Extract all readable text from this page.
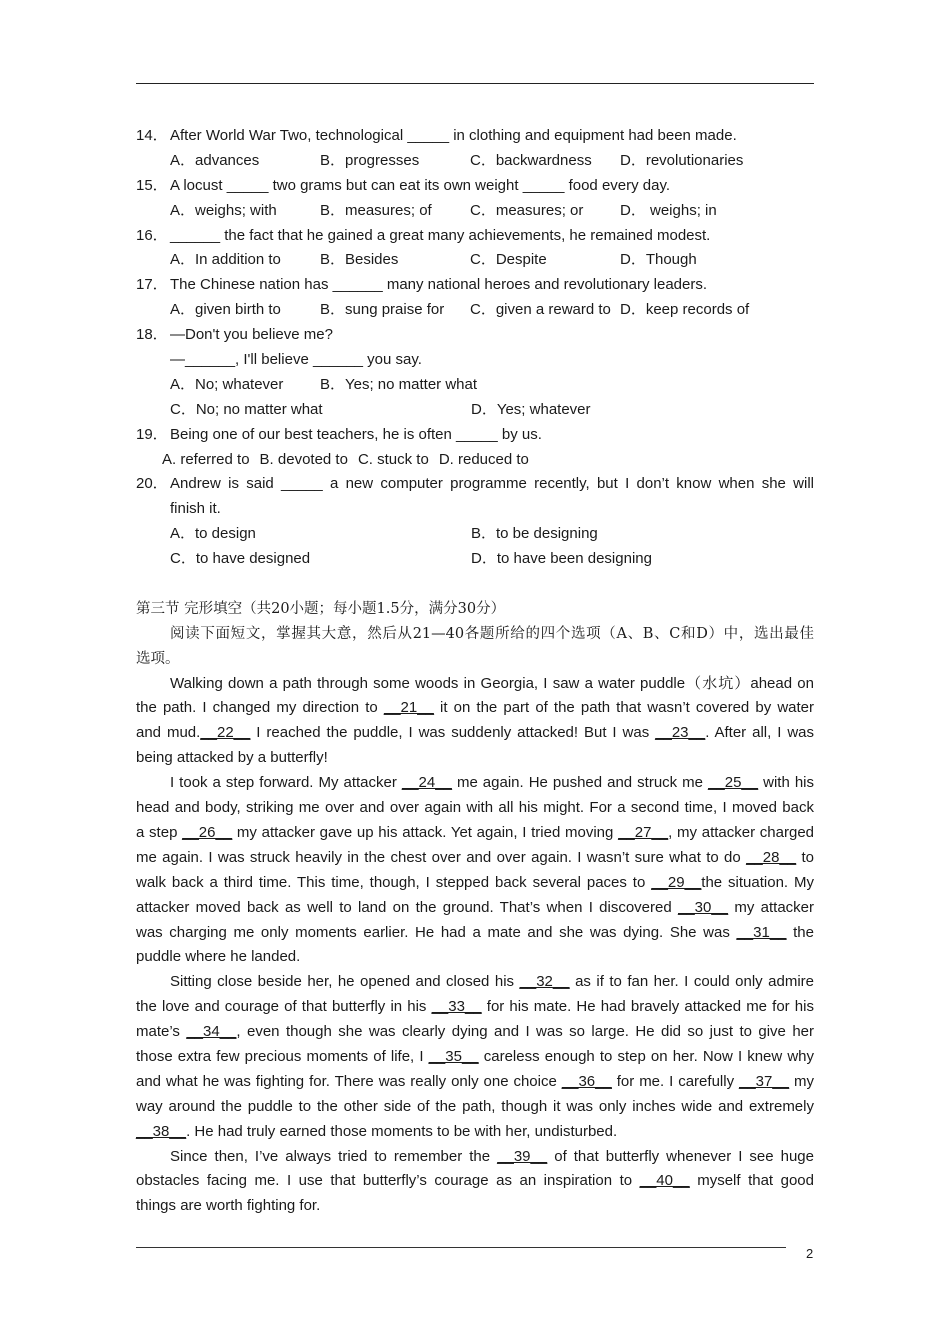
14． After World War Two, technological _____ in clothing and equipment had been made.
A．advances	B．progresses	C．backwardness	D．revolutionaries
15． A locust _____ two grams but can eat its own weight _____ food every day.
A．weighs; with	B．measures; of	C．measures; or	D． weighs; in
16． ______ the fact that he gained a great many achievements, he remained modest.
A．In addition to	B．Besides	C．Despite	D．Though
17． The Chinese nation has ______ many national heroes and revolutionary leaders.
A．given birth to	B．sung praise for	C．given a reward to D．keep records of
18． —Don't you believe me?
—______, I'll believe ______ you say.
A．No; whatever	B．Yes; no matter what
C．No; no matter what	D．Yes; whatever
19． Being one of our best teachers, he is often _____ by us.
A. referred to B. devoted to C. stuck to D. reduced to
20． Andrew is said _____ a new computer programme recently, but I don’t know when she will
finish it.
A．to design	B．to be designing
C．to have designed	D．to have been designing
第三节 完形填空（共20小题；每小题1.5分，满分30分）
阅读下面短文，掌握其大意，然后从21—40各题所给的四个选项（A、B、C和D）中，选出最佳
选项。
Walking down a path through some woods in Georgia, I saw a water puddle（水坑）ahead on
the path. I changed my direction to __21__ it on the part of the path that wasn’t covered by water
and mud.__22__ I reached the puddle, I was suddenly attacked! But I was __23__. After all, I was
being attacked by a butterfly!
I took a step forward. My attacker __24__ me again. He pushed and struck me __25__ with his
head and body, striking me over and over again with all his might. For a second time, I moved back
a step __26__ my attacker gave up his attack. Yet again, I tried moving __27__, my attacker charged
me again. I was struck heavily in the chest over and over again. I wasn’t sure what to do __28__ to
walk back a third time. This time, though, I stepped back several paces to __29__the situation. My
attacker moved back as well to land on the ground. That’s when I discovered __30__ my attacker
was charging me only moments earlier. He had a mate and she was dying. She was __31__ the
puddle where he landed.
Sitting close beside her, he opened and closed his __32__ as if to fan her. I could only admire
the love and courage of that butterfly in his __33__ for his mate. He had bravely attacked me for his
mate’s __34__, even though she was clearly dying and I was so large. He did so just to give her
those extra few precious moments of life, I __35__ careless enough to step on her. Now I knew why
and what he was fighting for. There was really only one choice __36__ for me. I carefully __37__ my
way around the puddle to the other side of the path, though it was only inches wide and extremely
__38__. He had truly earned those moments to be with her, undisturbed.
Since then, I’ve always tried to remember the __39__ of that butterfly whenever I see huge
obstacles facing me. I use that butterfly’s courage as an inspiration to __40__ myself that good
things are worth fighting for.
2
